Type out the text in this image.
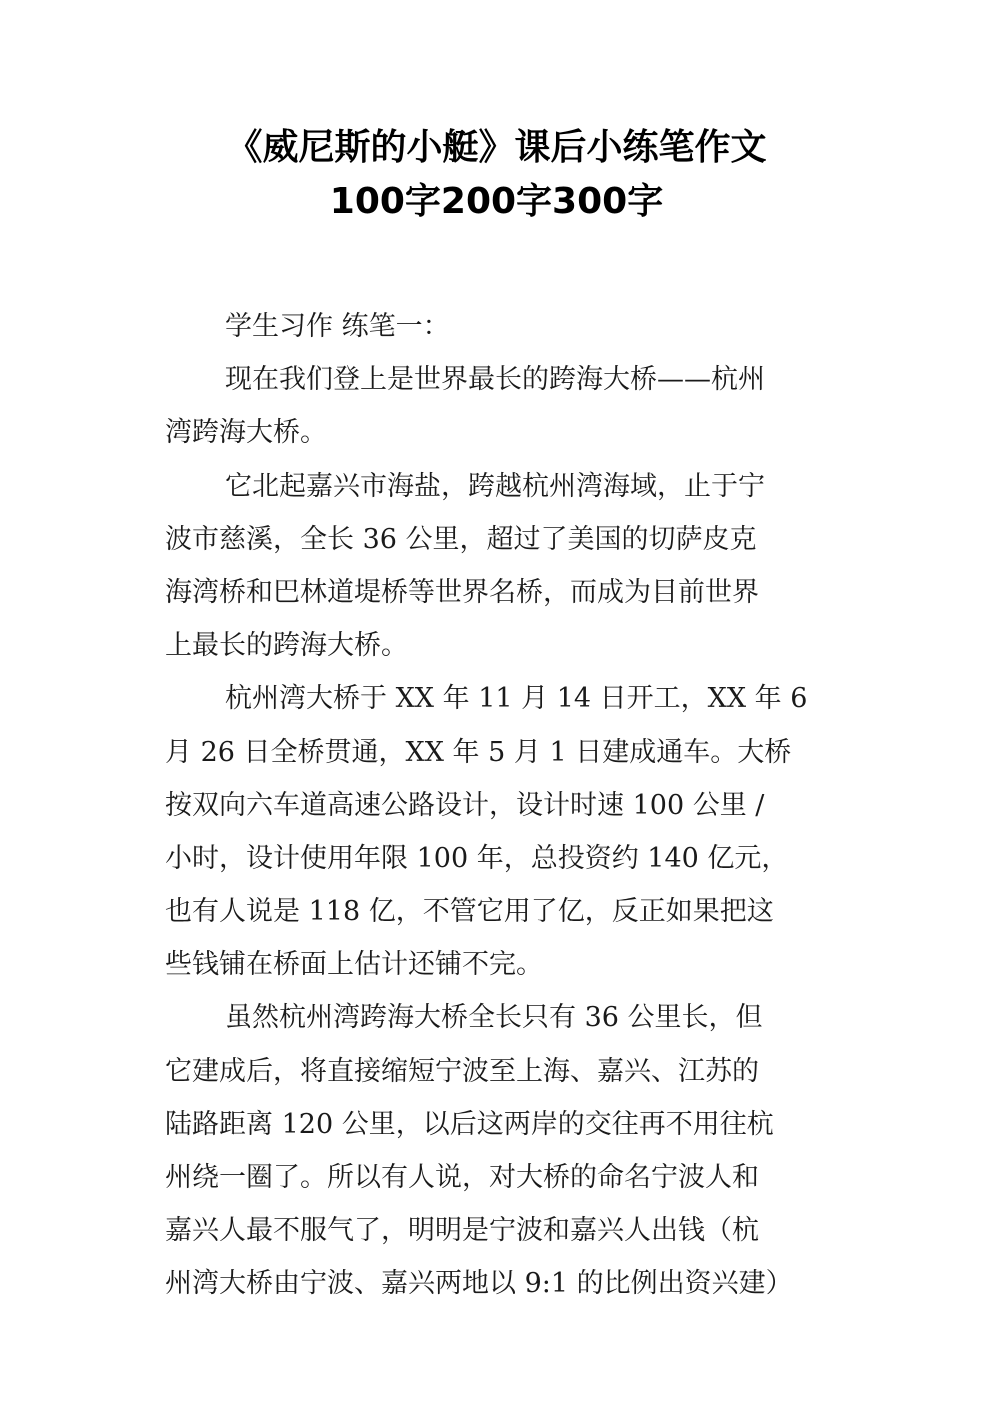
《威尼斯的小艇》课后小练笔作文
100字200字300字
学生习作 练笔一：
现在我们登上是世界最长的跨海大桥——杭州
湾跨海大桥。
它北起嘉兴市海盐，跨越杭州湾海域，止于宁
波市慈溪，全长 36 公里，超过了美国的切萨皮克
海湾桥和巴林道堤桥等世界名桥，而成为目前世界
上最长的跨海大桥。
杭州湾大桥于 XX 年 11 月 14 日开工，XX 年 6
月 26 日全桥贯通，XX 年 5 月 1 日建成通车。大桥
按双向六车道高速公路设计，设计时速 100 公里 /
小时，设计使用年限 100 年，总投资约 140 亿元，
也有人说是 118 亿，不管它用了亿，反正如果把这
些钱铺在桥面上估计还铺不完。
虽然杭州湾跨海大桥全长只有 36 公里长，但
它建成后，将直接缩短宁波至上海、嘉兴、江苏的
陆路距离 120 公里，以后这两岸的交往再不用往杭
州绕一圈了。所以有人说，对大桥的命名宁波人和
嘉兴人最不服气了，明明是宁波和嘉兴人出钱（杭
州湾大桥由宁波、嘉兴两地以 9:1 的比例出资兴建）
